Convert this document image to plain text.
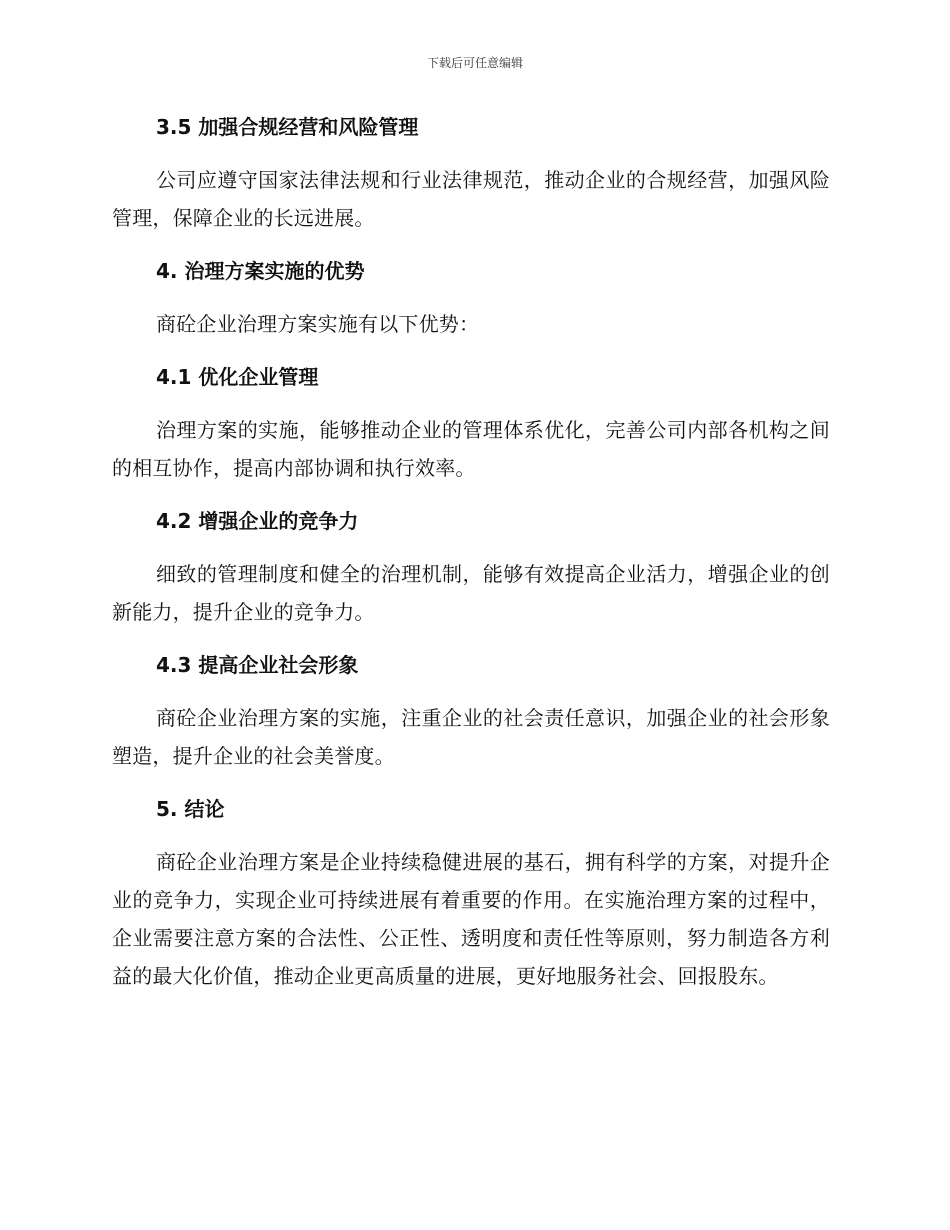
下载后可任意编辑
3.5 加强合规经营和风险管理

公司应遵守国家法律法规和行业法律规范，推动企业的合规经营，加强风险管理，保障企业的长远进展。

4. 治理方案实施的优势

商砼企业治理方案实施有以下优势：

4.1 优化企业管理

治理方案的实施，能够推动企业的管理体系优化，完善公司内部各机构之间的相互协作，提高内部协调和执行效率。

4.2 增强企业的竞争力

细致的管理制度和健全的治理机制，能够有效提高企业活力，增强企业的创新能力，提升企业的竞争力。

4.3 提高企业社会形象

商砼企业治理方案的实施，注重企业的社会责任意识，加强企业的社会形象塑造，提升企业的社会美誉度。

5. 结论

商砼企业治理方案是企业持续稳健进展的基石，拥有科学的方案，对提升企业的竞争力，实现企业可持续进展有着重要的作用。在实施治理方案的过程中，企业需要注意方案的合法性、公正性、透明度和责任性等原则，努力制造各方利益的最大化价值，推动企业更高质量的进展，更好地服务社会、回报股东。
